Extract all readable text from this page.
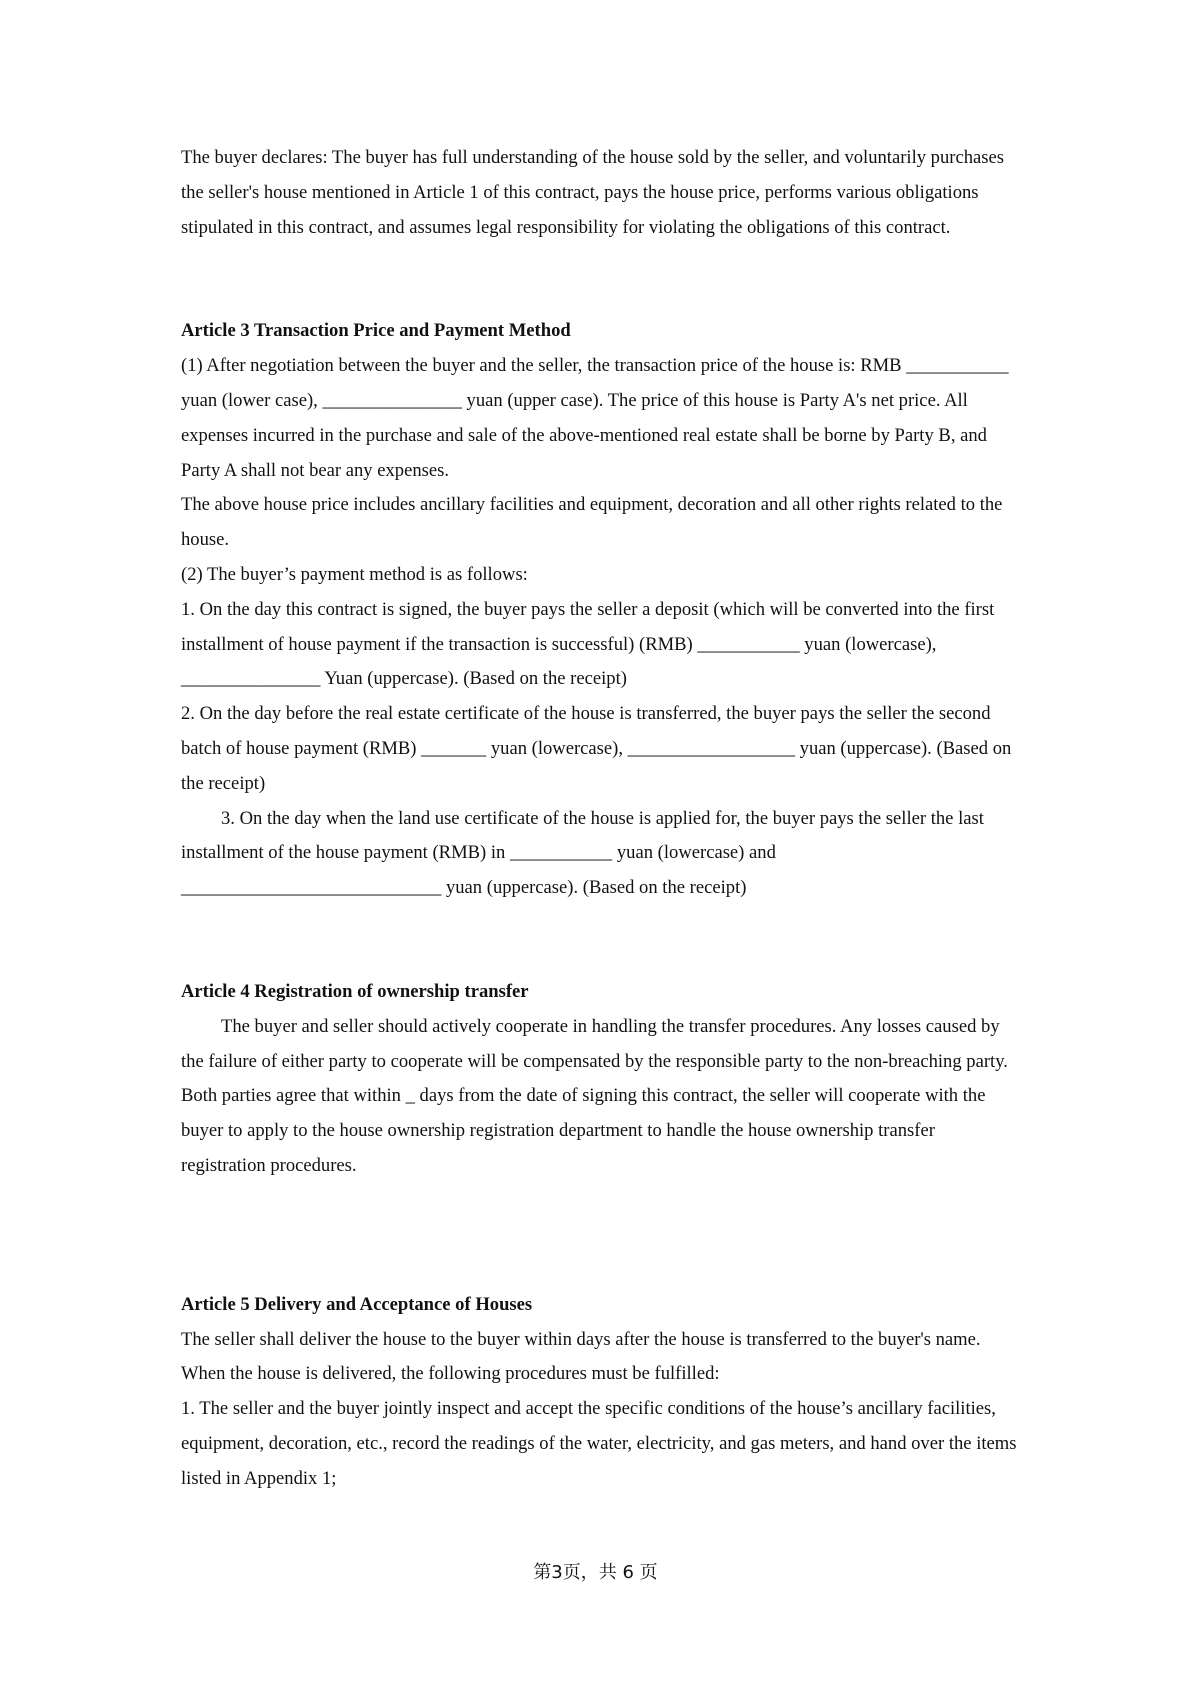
The buyer declares: The buyer has full understanding of the house sold by the seller, and voluntarily purchases the seller's house mentioned in Article 1 of this contract, pays the house price, performs various obligations stipulated in this contract, and assumes legal responsibility for violating the obligations of this contract.

Article 3 Transaction Price and Payment Method

(1) After negotiation between the buyer and the seller, the transaction price of the house is: RMB ___________ yuan (lower case), _______________ yuan (upper case). The price of this house is Party A's net price. All expenses incurred in the purchase and sale of the above-mentioned real estate shall be borne by Party B, and Party A shall not bear any expenses.

The above house price includes ancillary facilities and equipment, decoration and all other rights related to the house.

(2) The buyer’s payment method is as follows:

1. On the day this contract is signed, the buyer pays the seller a deposit (which will be converted into the first installment of house payment if the transaction is successful) (RMB) ___________ yuan (lowercase), _______________ Yuan (uppercase). (Based on the receipt)

2. On the day before the real estate certificate of the house is transferred, the buyer pays the seller the second batch of house payment (RMB) _______ yuan (lowercase), __________________ yuan (uppercase). (Based on the receipt)

3. On the day when the land use certificate of the house is applied for, the buyer pays the seller the last installment of the house payment (RMB) in ___________ yuan (lowercase) and ____________________________ yuan (uppercase). (Based on the receipt)

Article 4 Registration of ownership transfer

The buyer and seller should actively cooperate in handling the transfer procedures. Any losses caused by the failure of either party to cooperate will be compensated by the responsible party to the non-breaching party. Both parties agree that within _ days from the date of signing this contract, the seller will cooperate with the buyer to apply to the house ownership registration department to handle the house ownership transfer registration procedures.

Article 5 Delivery and Acceptance of Houses

The seller shall deliver the house to the buyer within days after the house is transferred to the buyer's name. When the house is delivered, the following procedures must be fulfilled:

1. The seller and the buyer jointly inspect and accept the specific conditions of the house’s ancillary facilities, equipment, decoration, etc., record the readings of the water, electricity, and gas meters, and hand over the items listed in Appendix 1;

第3页，共 6 页
